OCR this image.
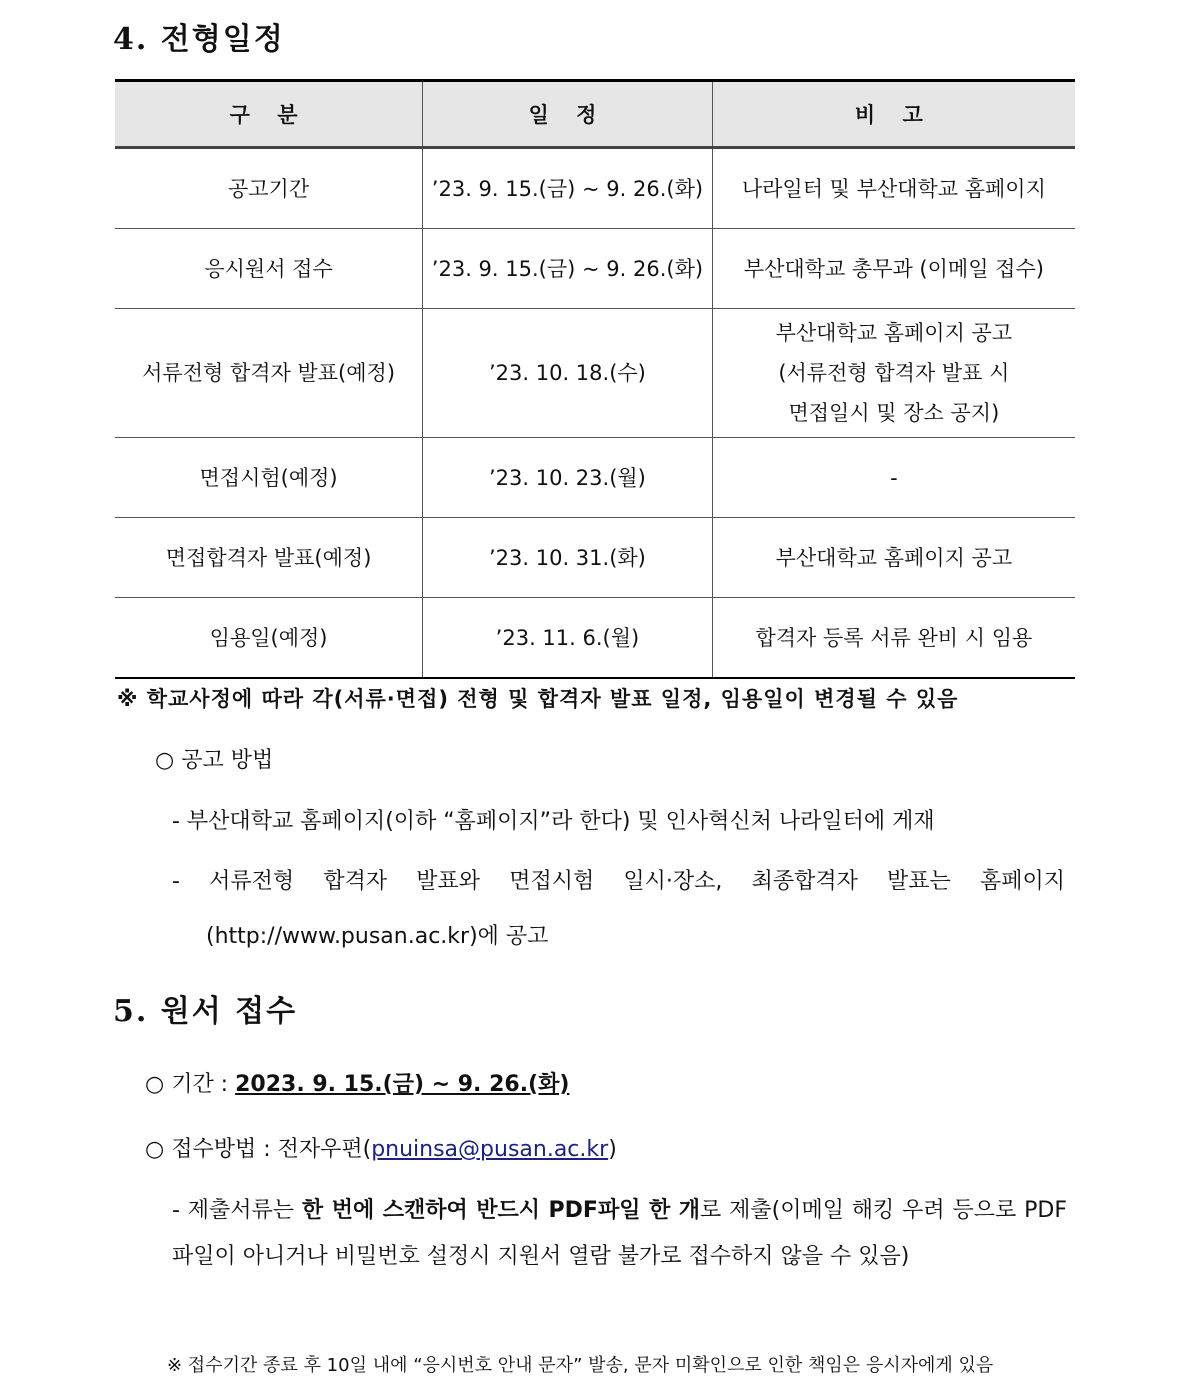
4. 전형일정
구 분	일 정	비 고
공고기간	’23. 9. 15.(금) ~ 9. 26.(화)	나라일터 및 부산대학교 홈페이지
응시원서 접수	’23. 9. 15.(금) ~ 9. 26.(화)	부산대학교 총무과 (이메일 접수)
서류전형 합격자 발표(예정)	’23. 10. 18.(수)	부산대학교 홈페이지 공고
(서류전형 합격자 발표 시
면접일시 및 장소 공지)

면접시험(예정)	’23. 10. 23.(월)	-
면접합격자 발표(예정)	’23. 10. 31.(화)	부산대학교 홈페이지 공고
임용일(예정)	’23. 11. 6.(월)	합격자 등록 서류 완비 시 임용
※ 학교사정에 따라 각(서류·면접) 전형 및 합격자 발표 일정, 임용일이 변경될 수 있음
○ 공고 방법
- 부산대학교 홈페이지(이하 “홈페이지”라 한다) 및 인사혁신처 나라일터에 게재
- 서류전형 합격자 발표와 면접시험 일시·장소, 최종합격자 발표는 홈페이지
(http://www.pusan.ac.kr)에 공고
5. 원서 접수
○ 기간 : 2023. 9. 15.(금) ~ 9. 26.(화)
○ 접수방법 : 전자우편(pnuinsa@pusan.ac.kr)

- 제출서류는 한 번에 스캔하여 반드시 PDF파일 한 개로 제출(이메일 해킹 우려 등으로 PDF파일이 아니거나 비밀번호 설정시 지원서 열람 불가로 접수하지 않을 수 있음)

※ 접수기간 종료 후 10일 내에 “응시번호 안내 문자” 발송, 문자 미확인으로 인한 책임은 응시자에게 있음
